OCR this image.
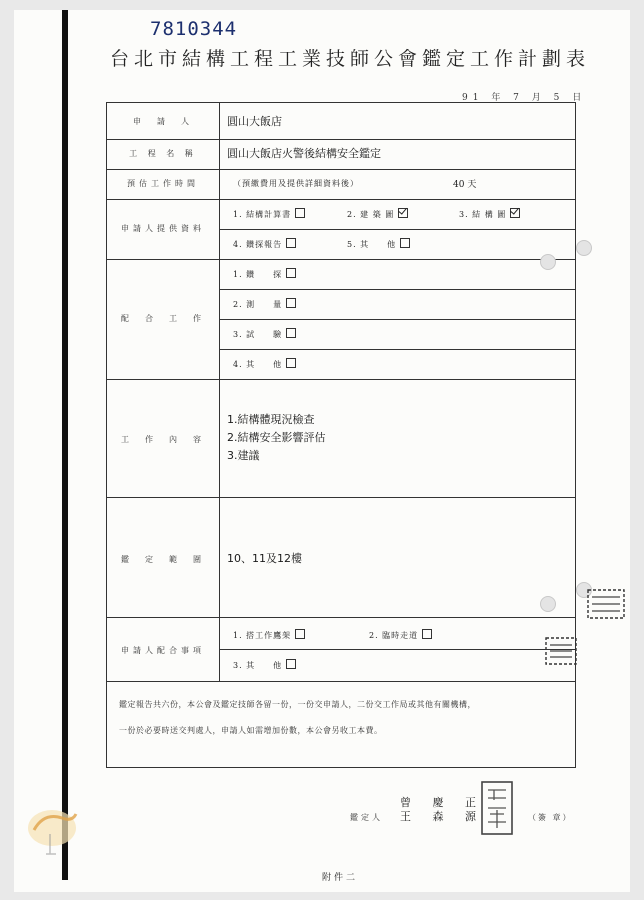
7810344
台北市結構工程工業技師公會鑑定工作計劃表
91 年 7 月 5 日
申　請　人	圓山大飯店
工 程 名 稱	圓山大飯店火警後結構安全鑑定
預估工作時間	（預繳費用及提供詳細資料後）	40 天
申請人提供資料
1. 結構計算書	2. 建 築 圖	3. 結 構 圖
4. 鑽探報告	5. 其　　他
配　合　工　作
1. 鑽　　探
2. 測　　量
3. 試　　驗
4. 其　　他
工　作　內　容
1.結構體現況檢查
2.結構安全影響評估
3.建議
鑑　定　範　圍	10、11及12樓
申請人配合事項
1. 搭工作鷹架	2. 臨時走道
3. 其　　他
鑑定報告共六份，本公會及鑑定技師各留一份，一份交申請人，二份交工作局或其他有關機構，
一份於必要時送交判處人，申請人如需增加份數，本公會另收工本費。
鑑定人
曾 慶 正
王 森 源	（簽 章）
附件二
